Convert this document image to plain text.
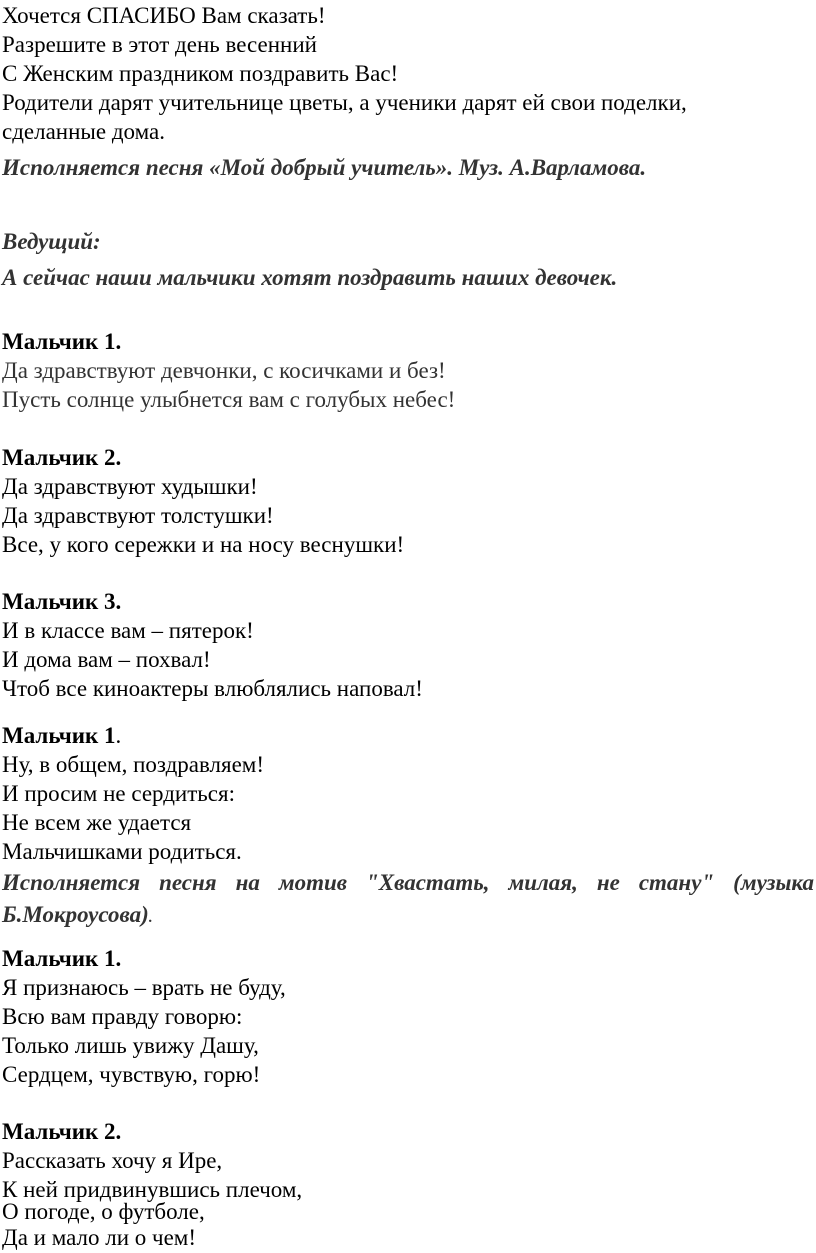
Хочется СПАСИБО Вам сказать!
Разрешите в этот день весенний
С Женским праздником поздравить Вас!
Родители дарят учительнице цветы, а ученики дарят ей свои поделки,
сделанные дома.
Исполняется песня «Мой добрый учитель». Муз. А.Варламова.
Ведущий:
А сейчас наши мальчики хотят поздравить наших девочек.
Мальчик 1.
Да здравствуют девчонки, с косичками и без!
Пусть солнце улыбнется вам с голубых небес!
Мальчик 2.
Да здравствуют худышки!
Да здравствуют толстушки!
Все, у кого сережки и на носу веснушки!
Мальчик 3.
И в классе вам – пятерок!
И дома вам – похвал!
Чтоб все киноактеры влюблялись наповал!
Мальчик 1.
Ну, в общем, поздравляем!
И просим не сердиться:
Не всем же удается
Мальчишками родиться.
Исполняется песня на мотив "Хвастать, милая, не стану" (музыка
Б.Мокроусова).
Мальчик 1.
Я признаюсь – врать не буду,
Всю вам правду говорю:
Только лишь увижу Дашу,
Сердцем, чувствую, горю!
Мальчик 2.
Рассказать хочу я Ире,
К ней придвинувшись плечом,
О погоде, о футболе,
Да и мало ли о чем!
